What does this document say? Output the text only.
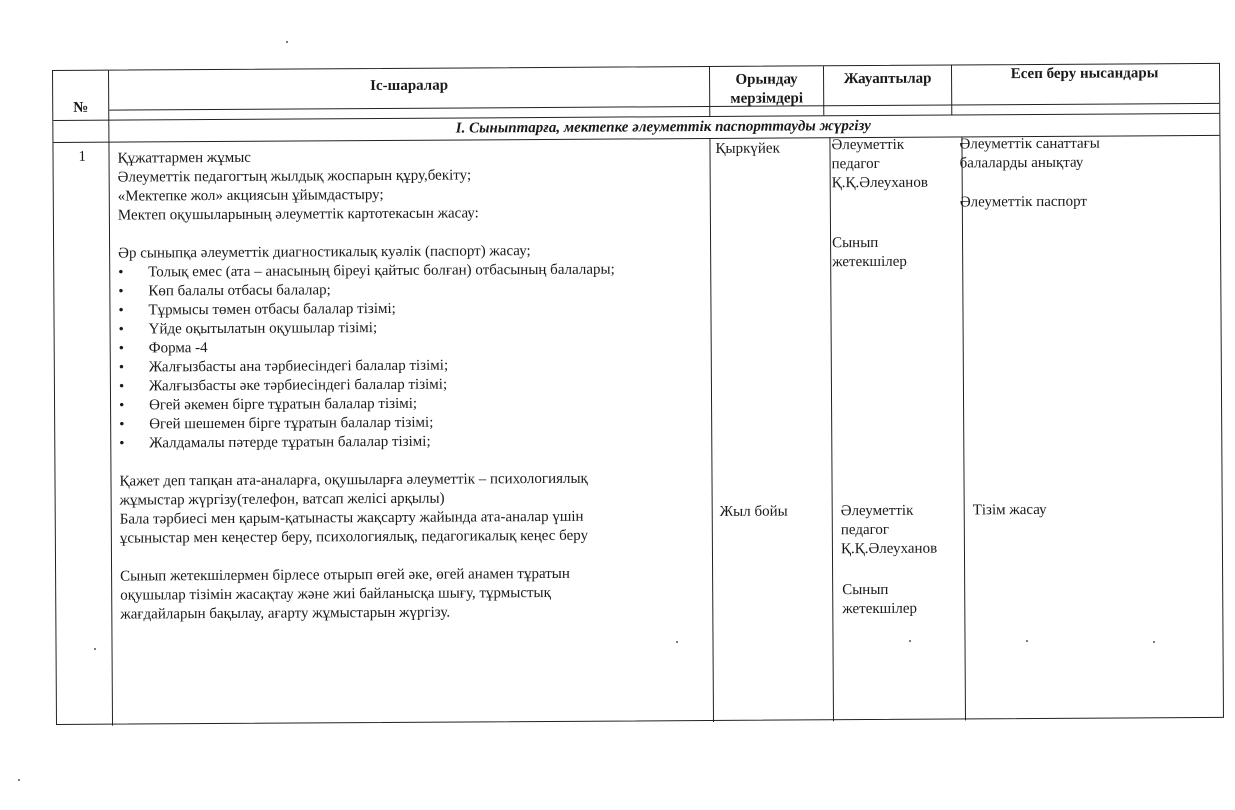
№
Іс-шаралар	Орындау
мерзімдері
Жауаптылар	Есеп беру нысандары
I. Сыныптарға, мектепке әлеуметтік паспорттауды жүргізу
1 Құжаттармен жұмыс
Әлеуметтік педагогтың жылдық жоспарын құру,бекіту;
«Мектепке жол» акциясын ұйымдастыру;
Мектеп оқушыларының әлеуметтік картотекасын жасау:
Әр сыныпқа әлеуметтік диагностикалық куәлік (паспорт) жасау;
• Толық емес (ата – анасының біреуі қайтыс болған) отбасының балалары;
• Көп балалы отбасы балалар;
• Тұрмысы төмен отбасы балалар тізімі;
• Үйде оқытылатын оқушылар тізімі;
• Форма -4
• Жалғызбасты ана тәрбиесіндегі балалар тізімі;
• Жалғызбасты әке тәрбиесіндегі балалар тізімі;
• Өгей әкемен бірге тұратын балалар тізімі;
• Өгей шешемен бірге тұратын балалар тізімі;
• Жалдамалы пәтерде тұратын балалар тізімі;
Қажет деп тапқан ата-аналарға, оқушыларға әлеуметтік – психологиялық
жұмыстар жүргізу(телефон, ватсап желісі арқылы)
Бала тәрбиесі мен қарым-қатынасты жақсарту жайында ата-аналар үшін
ұсыныстар мен кеңестер беру, психологиялық, педагогикалық кеңес беру
Сынып жетекшілермен бірлесе отырып өгей әке, өгей анамен тұратын
оқушылар тізімін жасақтау және жиі байланысқа шығу, тұрмыстық
жағдайларын бақылау, ағарту жұмыстарын жүргізу.
Қыркүйек
Жыл бойы
Әлеуметтік
педагог
Қ.Қ.Әлеуханов
Сынып
жетекшілер
Әлеуметтік
педагог
Қ.Қ.Әлеуханов
Сынып
жетекшілер
Әлеуметтік санаттағы
балаларды анықтау
Әлеуметтік паспорт
Тізім жасау
